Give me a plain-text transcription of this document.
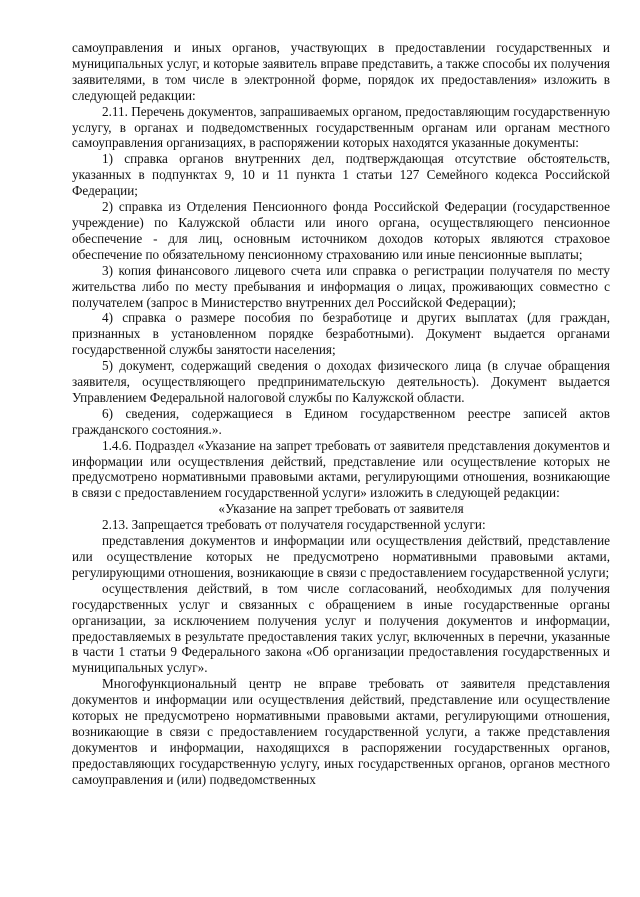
самоуправления и иных органов, участвующих в предоставлении государственных и муниципальных услуг, и которые заявитель вправе представить, а также способы их получения заявителями, в том числе в электронной форме, порядок их предоставления» изложить в следующей редакции:

2.11. Перечень документов, запрашиваемых органом, предоставляющим государственную услугу, в органах и подведомственных государственным органам или органам местного самоуправления организациях, в распоряжении которых находятся указанные документы:

1) справка органов внутренних дел, подтверждающая отсутствие обстоятельств, указанных в подпунктах 9, 10 и 11 пункта 1 статьи 127 Семейного кодекса Российской Федерации;

2) справка из Отделения Пенсионного фонда Российской Федерации (государственное учреждение) по Калужской области или иного органа, осуществляющего пенсионное обеспечение - для лиц, основным источником доходов которых являются страховое обеспечение по обязательному пенсионному страхованию или иные пенсионные выплаты;

3) копия финансового лицевого счета или справка о регистрации получателя по месту жительства либо по месту пребывания и информация о лицах, проживающих совместно с получателем (запрос в Министерство внутренних дел Российской Федерации);

4) справка о размере пособия по безработице и других выплатах (для граждан, признанных в установленном порядке безработными). Документ выдается органами государственной службы занятости населения;

5) документ, содержащий сведения о доходах физического лица (в случае обращения заявителя, осуществляющего предпринимательскую деятельность). Документ выдается Управлением Федеральной налоговой службы по Калужской области.

6) сведения, содержащиеся в Едином государственном реестре записей актов гражданского состояния.».

1.4.6. Подраздел «Указание на запрет требовать от заявителя представления документов и информации или осуществления действий, представление или осуществление которых не предусмотрено нормативными правовыми актами, регулирующими отношения, возникающие в связи с предоставлением государственной услуги» изложить в следующей редакции:

«Указание на запрет требовать от заявителя

2.13. Запрещается требовать от получателя государственной услуги:

представления документов и информации или осуществления действий, представление или осуществление которых не предусмотрено нормативными правовыми актами, регулирующими отношения, возникающие в связи с предоставлением государственной услуги;

осуществления действий, в том числе согласований, необходимых для получения государственных услуг и связанных с обращением в иные государственные органы организации, за исключением получения услуг и получения документов и информации, предоставляемых в результате предоставления таких услуг, включенных в перечни, указанные в части 1 статьи 9 Федерального закона «Об организации предоставления государственных и муниципальных услуг».

Многофункциональный центр не вправе требовать от заявителя представления документов и информации или осуществления действий, представление или осуществление которых не предусмотрено нормативными правовыми актами, регулирующими отношения, возникающие в связи с предоставлением государственной услуги, а также представления документов и информации, находящихся в распоряжении государственных органов, предоставляющих государственную услугу, иных государственных органов, органов местного самоуправления и (или) подведомственных
